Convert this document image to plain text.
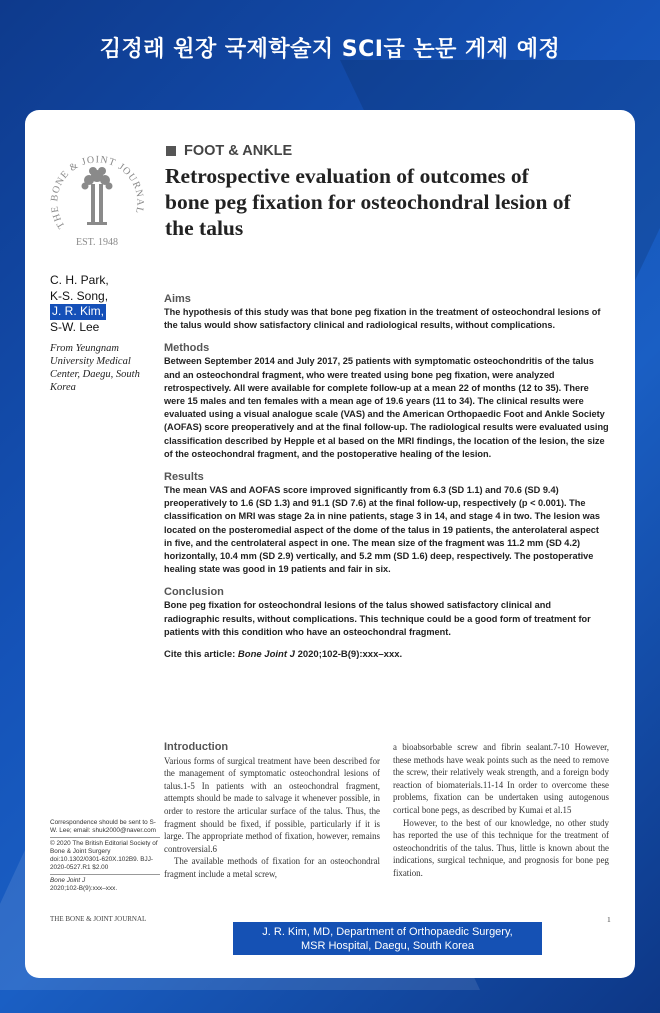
김정래 원장 국제학술지 SCI급 논문 게제 예정
THE BONE & JOINT JOURNAL
EST. 1948
FOOT & ANKLE
Retrospective evaluation of outcomes of
bone peg fixation for osteochondral lesion of
the talus
C. H. Park,
K-S. Song,
J. R. Kim,
S-W. Lee
From Yeungnam University Medical Center, Daegu, South Korea
Aims
The hypothesis of this study was that bone peg fixation in the treatment of osteochondral lesions of the talus would show satisfactory clinical and radiological results, without complications.
Methods
Between September 2014 and July 2017, 25 patients with symptomatic osteochondritis of the talus and an osteochondral fragment, who were treated using bone peg fixation, were analyzed retrospectively. All were available for complete follow-up at a mean 22 of months (12 to 35). There were 15 males and ten females with a mean age of 19.6 years (11 to 34). The clinical results were evaluated using a visual analogue scale (VAS) and the American Orthopaedic Foot and Ankle Society (AOFAS) score preoperatively and at the final follow-up. The radiological results were evaluated using classification described by Hepple et al based on the MRI findings, the location of the lesion, the size of the osteochondral fragment, and the postoperative healing of the lesion.
Results
The mean VAS and AOFAS score improved significantly from 6.3 (SD 1.1) and 70.6 (SD 9.4) preoperatively to 1.6 (SD 1.3) and 91.1 (SD 7.6) at the final follow-up, respectively (p < 0.001). The classification on MRI was stage 2a in nine patients, stage 3 in 14, and stage 4 in two. The lesion was located on the posteromedial aspect of the dome of the talus in 19 patients, the anterolateral aspect in five, and the centrolateral aspect in one. The mean size of the fragment was 11.2 mm (SD 4.2) horizontally, 10.4 mm (SD 2.9) vertically, and 5.2 mm (SD 1.6) deep, respectively. The postoperative healing state was good in 19 patients and fair in six.
Conclusion
Bone peg fixation for osteochondral lesions of the talus showed satisfactory clinical and radiographic results, without complications. This technique could be a good form of treatment for patients with this condition who have an osteochondral fragment.
Cite this article: Bone Joint J 2020;102-B(9):xxx–xxx.
Introduction
Various forms of surgical treatment have been described for the management of symptomatic osteochondral lesions of talus.1-5 In patients with an osteochondral fragment, attempts should be made to salvage it whenever possible, in order to restore the articular surface of the talus. Thus, the fragment should be fixed, if possible, particularly if it is large. The appropriate method of fixation, however, remains controversial.6
The available methods of fixation for an osteochondral fragment include a metal screw,
a bioabsorbable screw and fibrin sealant.7-10 However, these methods have weak points such as the need to remove the screw, their relatively weak strength, and a foreign body reaction of biomaterials.11-14 In order to overcome these problems, fixation can be undertaken using autogenous cortical bone pegs, as described by Kumai et al.15
However, to the best of our knowledge, no other study has reported the use of this technique for the treatment of osteochondritis of the talus. Thus, little is known about the indications, surgical technique, and prognosis for bone peg fixation.
Correspondence should be sent to S-W. Lee; email: shuk2000@naver.com
© 2020 The British Editorial Society of Bone & Joint Surgery doi:10.1302/0301-620X.102B9. BJJ-2020-0527.R1 $2.00
Bone Joint J
2020;102-B(9):xxx–xxx.
THE BONE & JOINT JOURNAL	1
J. R. Kim, MD, Department of Orthopaedic Surgery,
MSR Hospital, Daegu, South Korea
